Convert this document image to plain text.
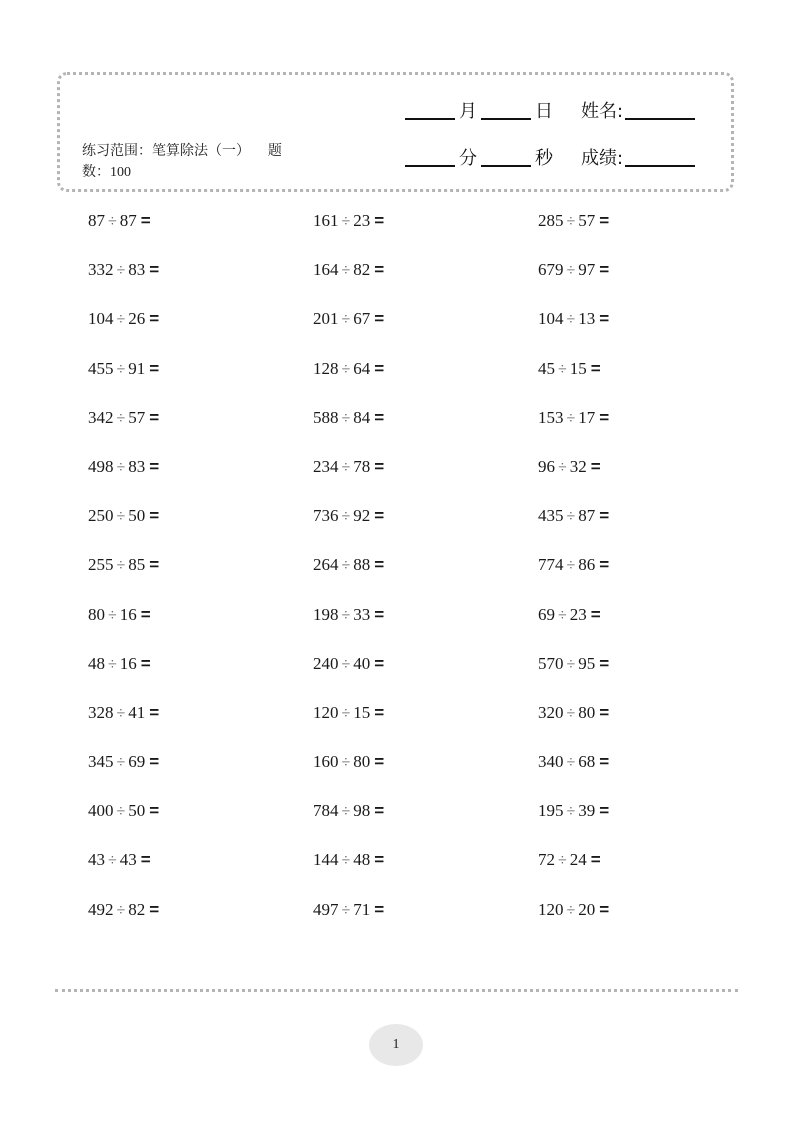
练习范围：笔算除法（一） 题
数：100
月	日 姓名:
分	秒 成绩:
87 ÷ 87 =	161 ÷ 23 =	285 ÷ 57 =
332 ÷ 83 =	164 ÷ 82 =	679 ÷ 97 =
104 ÷ 26 =	201 ÷ 67 =	104 ÷ 13 =
455 ÷ 91 =	128 ÷ 64 =	45 ÷ 15 =
342 ÷ 57 =	588 ÷ 84 =	153 ÷ 17 =
498 ÷ 83 =	234 ÷ 78 =	96 ÷ 32 =
250 ÷ 50 =	736 ÷ 92 =	435 ÷ 87 =
255 ÷ 85 =	264 ÷ 88 =	774 ÷ 86 =
80 ÷ 16 =	198 ÷ 33 =	69 ÷ 23 =
48 ÷ 16 =	240 ÷ 40 =	570 ÷ 95 =
328 ÷ 41 =	120 ÷ 15 =	320 ÷ 80 =
345 ÷ 69 =	160 ÷ 80 =	340 ÷ 68 =
400 ÷ 50 =	784 ÷ 98 =	195 ÷ 39 =
43 ÷ 43 =	144 ÷ 48 =	72 ÷ 24 =
492 ÷ 82 =	497 ÷ 71 =	120 ÷ 20 =
1
